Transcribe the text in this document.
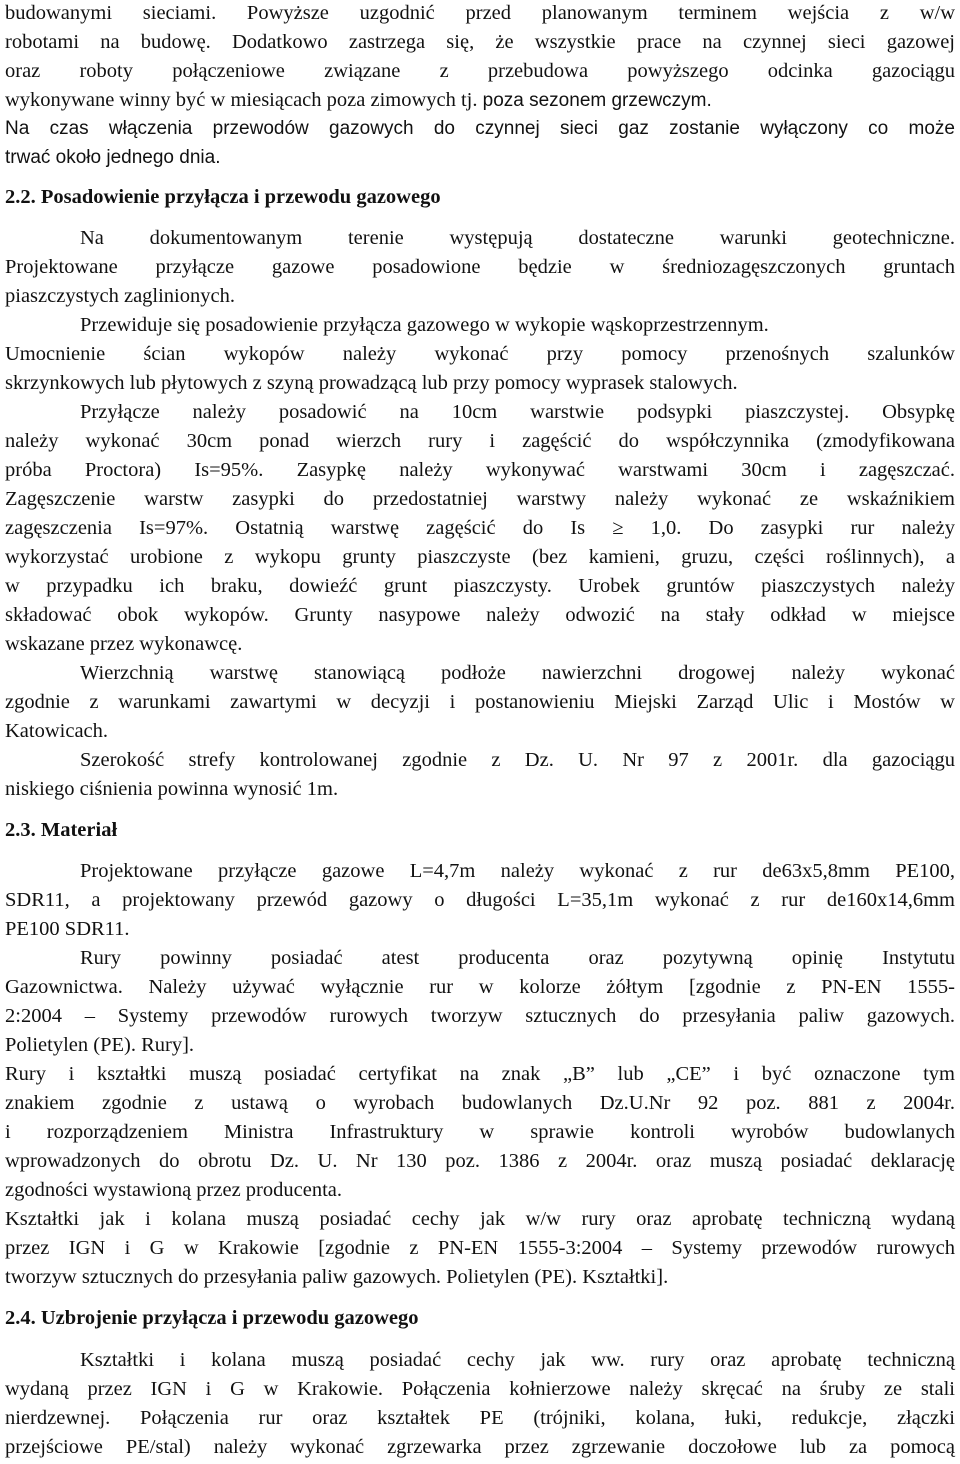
budowanymi sieciami. Powyższe uzgodnić przed planowanym terminem wejścia z w/w
robotami na budowę. Dodatkowo zastrzega się, że wszystkie prace na czynnej sieci gazowej
oraz roboty połączeniowe związane z przebudowa powyższego odcinka gazociągu
wykonywane winny być w miesiącach poza zimowych tj. poza sezonem grzewczym.
Na czas włączenia przewodów gazowych do czynnej sieci gaz zostanie wyłączony co może
trwać około jednego dnia.
2.2. Posadowienie przyłącza i przewodu gazowego
Na dokumentowanym terenie występują dostateczne warunki geotechniczne.
Projektowane przyłącze gazowe posadowione będzie w średniozagęszczonych gruntach
piaszczystych zaglinionych.
Przewiduje się posadowienie przyłącza gazowego w wykopie wąskoprzestrzennym.
Umocnienie ścian wykopów należy wykonać przy pomocy przenośnych szalunków
skrzynkowych lub płytowych z szyną prowadzącą lub przy pomocy wyprasek stalowych.
Przyłącze należy posadowić na 10cm warstwie podsypki piaszczystej. Obsypkę
należy wykonać 30cm ponad wierzch rury i zagęścić do współczynnika (zmodyfikowana
próba Proctora) Is=95%. Zasypkę należy wykonywać warstwami 30cm i zagęszczać.
Zagęszczenie warstw zasypki do przedostatniej warstwy należy wykonać ze wskaźnikiem
zagęszczenia Is=97%. Ostatnią warstwę zagęścić do Is ≥ 1,0. Do zasypki rur należy
wykorzystać urobione z wykopu grunty piaszczyste (bez kamieni, gruzu, części roślinnych), a
w przypadku ich braku, dowieźć grunt piaszczysty. Urobek gruntów piaszczystych należy
składować obok wykopów. Grunty nasypowe należy odwozić na stały odkład w miejsce
wskazane przez wykonawcę.
Wierzchnią warstwę stanowiącą podłoże nawierzchni drogowej należy wykonać
zgodnie z warunkami zawartymi w decyzji i postanowieniu Miejski Zarząd Ulic i Mostów w
Katowicach.
Szerokość strefy kontrolowanej zgodnie z Dz. U. Nr 97 z 2001r. dla gazociągu
niskiego ciśnienia powinna wynosić 1m.
2.3. Materiał
Projektowane przyłącze gazowe L=4,7m należy wykonać z rur de63x5,8mm PE100,
SDR11, a projektowany przewód gazowy o długości L=35,1m wykonać z rur de160x14,6mm
PE100 SDR11.
Rury powinny posiadać atest producenta oraz pozytywną opinię Instytutu
Gazownictwa. Należy używać wyłącznie rur w kolorze żółtym [zgodnie z PN-EN 1555-
2:2004 – Systemy przewodów rurowych tworzyw sztucznych do przesyłania paliw gazowych.
Polietylen (PE). Rury].
Rury i kształtki muszą posiadać certyfikat na znak „B” lub „CE” i być oznaczone tym
znakiem zgodnie z ustawą o wyrobach budowlanych Dz.U.Nr 92 poz. 881 z 2004r.
i rozporządzeniem Ministra Infrastruktury w sprawie kontroli wyrobów budowlanych
wprowadzonych do obrotu Dz. U. Nr 130 poz. 1386 z 2004r. oraz muszą posiadać deklarację
zgodności wystawioną przez producenta.
Kształtki jak i kolana muszą posiadać cechy jak w/w rury oraz aprobatę techniczną wydaną
przez IGN i G w Krakowie [zgodnie z PN-EN 1555-3:2004 – Systemy przewodów rurowych
tworzyw sztucznych do przesyłania paliw gazowych. Polietylen (PE). Kształtki].
2.4. Uzbrojenie przyłącza i przewodu gazowego
Kształtki i kolana muszą posiadać cechy jak ww. rury oraz aprobatę techniczną
wydaną przez IGN i G w Krakowie. Połączenia kołnierzowe należy skręcać na śruby ze stali
nierdzewnej. Połączenia rur oraz kształtek PE (trójniki, kolana, łuki, redukcje, złączki
przejściowe PE/stal) należy wykonać zgrzewarka przez zgrzewanie doczołowe lub za pomocą
